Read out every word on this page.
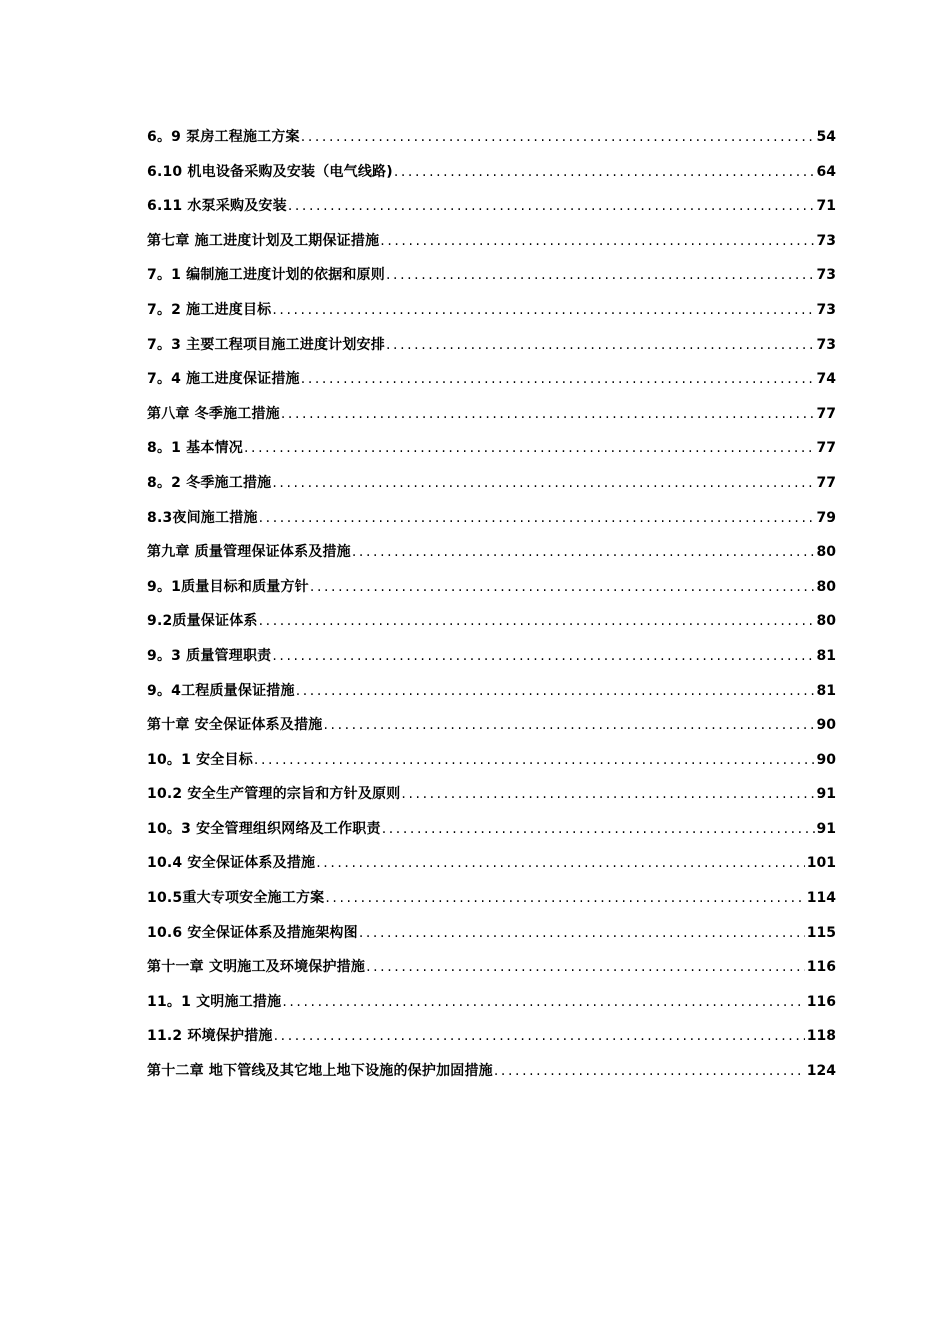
6。9 泵房工程施工方案 .....	54
6.10 机电设备采购及安装（电气线路) .....	64
6.11 水泵采购及安装 .....	71
第七章 施工进度计划及工期保证措施 .....	73
7。1 编制施工进度计划的依据和原则 .....	73
7。2 施工进度目标 .....	73
7。3 主要工程项目施工进度计划安排 .....	73
7。4 施工进度保证措施 .....	74
第八章 冬季施工措施 .....	77
8。1 基本情况 .....	77
8。2 冬季施工措施 .....	77
8.3夜间施工措施 .....	79
第九章 质量管理保证体系及措施 .....	80
9。1质量目标和质量方针 .....	80
9.2质量保证体系 .....	80
9。3 质量管理职责 .....	81
9。4工程质量保证措施 .....	81
第十章 安全保证体系及措施 .....	90
10。1 安全目标 .....	90
10.2 安全生产管理的宗旨和方针及原则 .....	91
10。3 安全管理组织网络及工作职责 .....	91
10.4 安全保证体系及措施 .....	101
10.5重大专项安全施工方案 .....	114
10.6 安全保证体系及措施架构图 .....	115
第十一章 文明施工及环境保护措施 .....	116
11。1 文明施工措施 .....	116
11.2 环境保护措施 .....	118
第十二章 地下管线及其它地上地下设施的保护加固措施 .....	124
